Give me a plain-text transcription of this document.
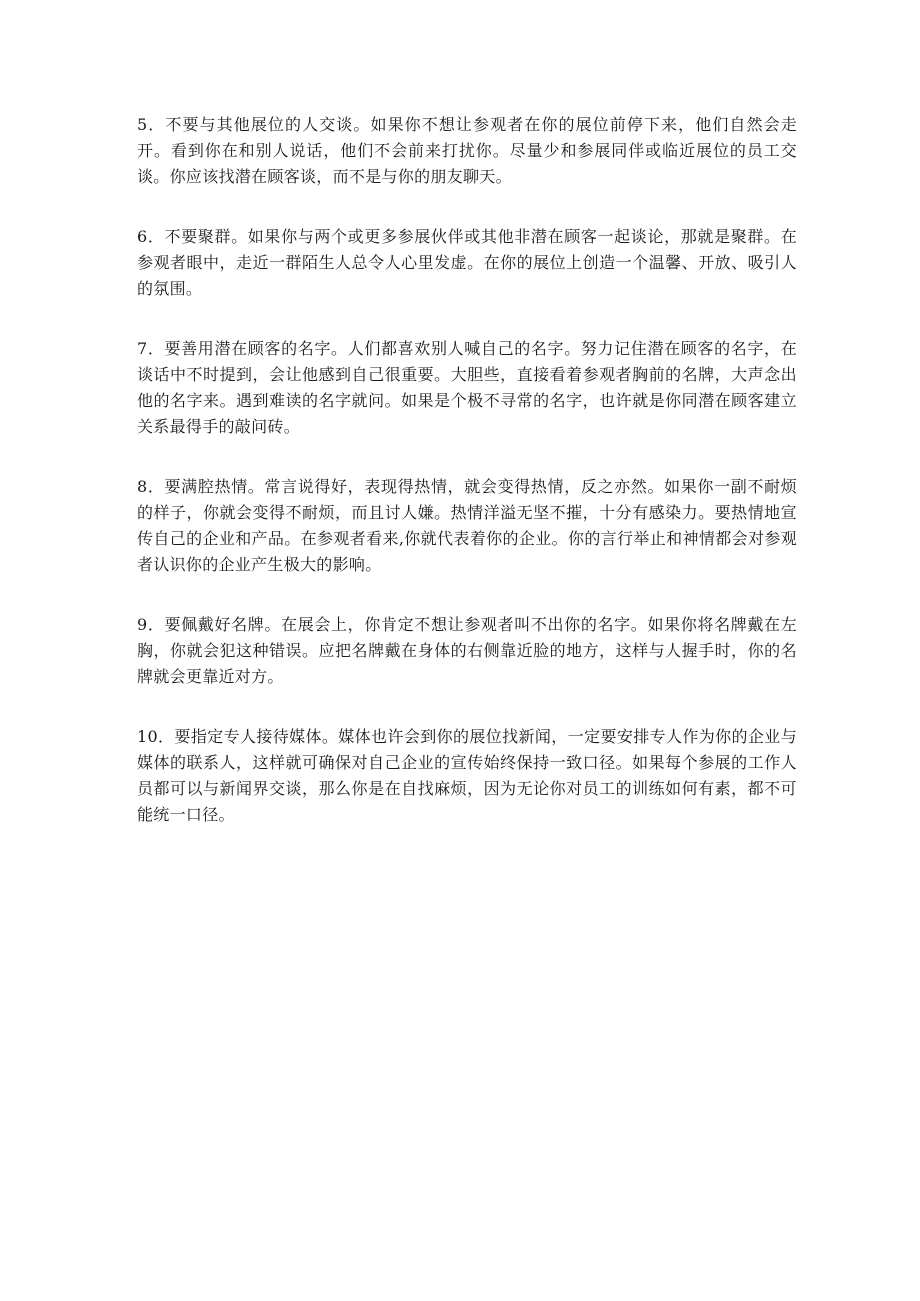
5．不要与其他展位的人交谈。如果你不想让参观者在你的展位前停下来，他们自然会走开。看到你在和别人说话，他们不会前来打扰你。尽量少和参展同伴或临近展位的员工交谈。你应该找潜在顾客谈，而不是与你的朋友聊天。

6．不要聚群。如果你与两个或更多参展伙伴或其他非潜在顾客一起谈论，那就是聚群。在参观者眼中，走近一群陌生人总令人心里发虚。在你的展位上创造一个温馨、开放、吸引人的氛围。

7．要善用潜在顾客的名字。人们都喜欢别人喊自己的名字。努力记住潜在顾客的名字，在谈话中不时提到，会让他感到自己很重要。大胆些，直接看着参观者胸前的名牌，大声念出他的名字来。遇到难读的名字就问。如果是个极不寻常的名字，也许就是你同潜在顾客建立关系最得手的敲问砖。

8．要满腔热情。常言说得好，表现得热情，就会变得热情，反之亦然。如果你一副不耐烦的样子，你就会变得不耐烦，而且讨人嫌。热情洋溢无坚不摧，十分有感染力。要热情地宣传自己的企业和产品。在参观者看来,你就代表着你的企业。你的言行举止和神情都会对参观者认识你的企业产生极大的影响。

9．要佩戴好名牌。在展会上，你肯定不想让参观者叫不出你的名字。如果你将名牌戴在左胸，你就会犯这种错误。应把名牌戴在身体的右侧靠近脸的地方，这样与人握手时，你的名牌就会更靠近对方。

10．要指定专人接待媒体。媒体也许会到你的展位找新闻，一定要安排专人作为你的企业与媒体的联系人，这样就可确保对自己企业的宣传始终保持一致口径。如果每个参展的工作人员都可以与新闻界交谈，那么你是在自找麻烦，因为无论你对员工的训练如何有素，都不可能统一口径。
